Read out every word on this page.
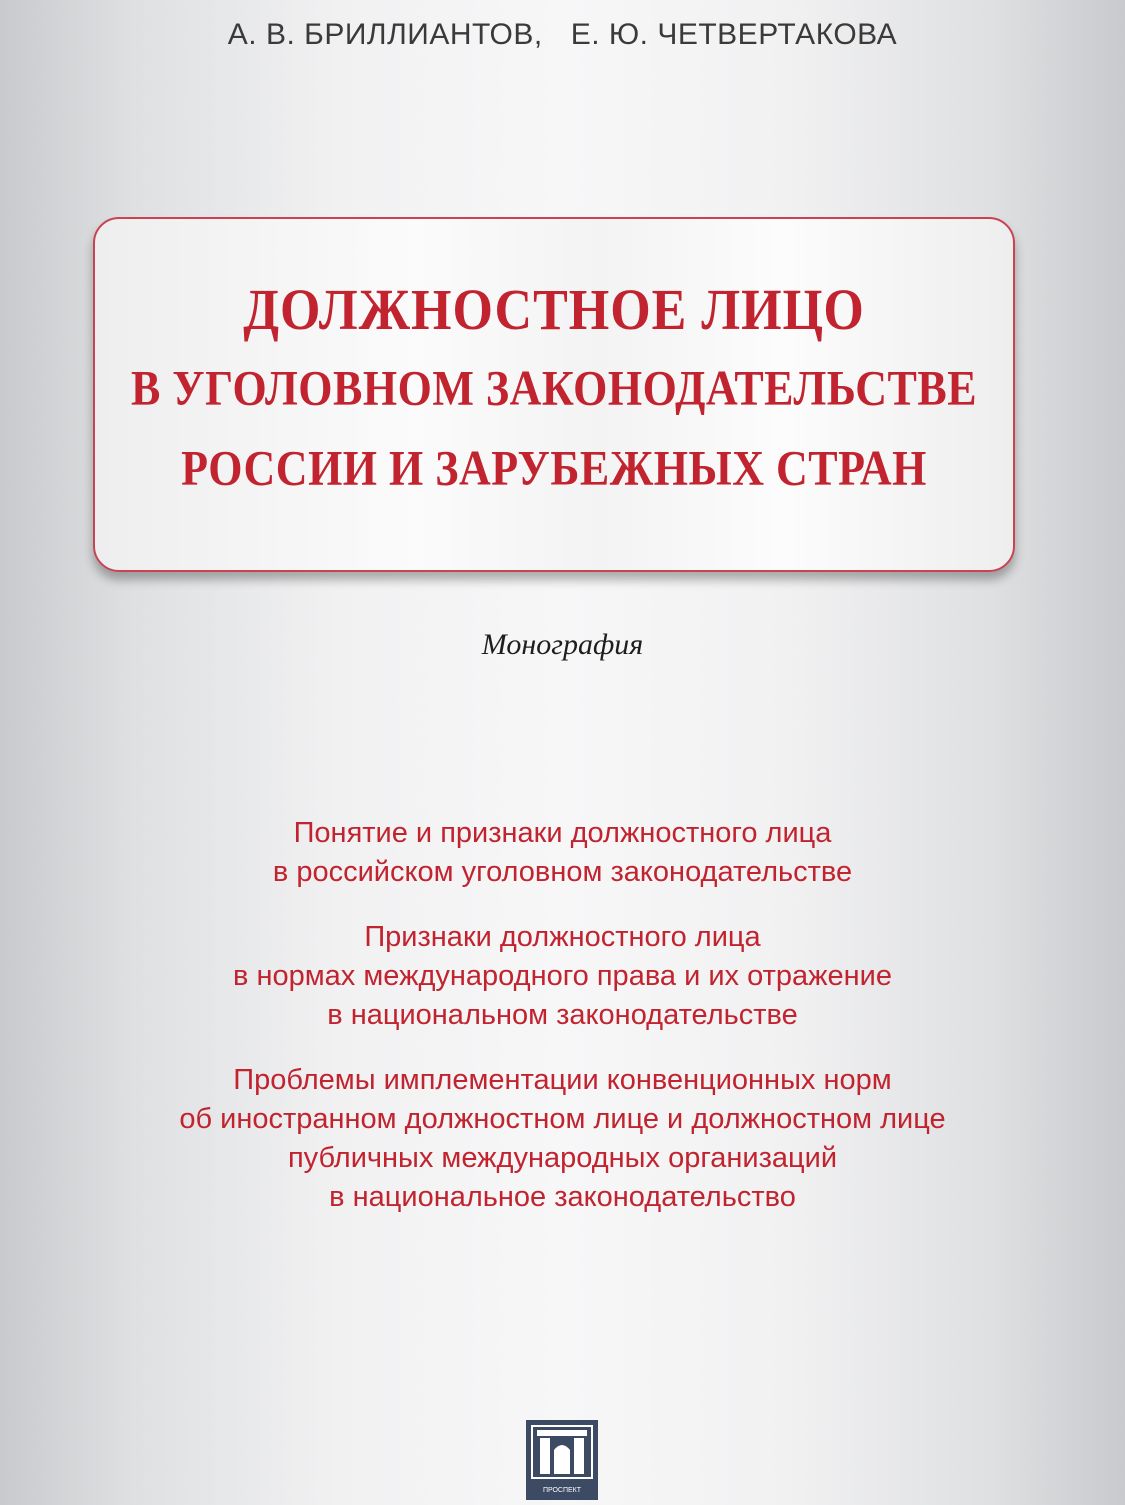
А. В. БРИЛЛИАНТОВ, Е. Ю. ЧЕТВЕРТАКОВА
ДОЛЖНОСТНОЕ ЛИЦО
В УГОЛОВНОМ ЗАКОНОДАТЕЛЬСТВЕ
РОССИИ И ЗАРУБЕЖНЫХ СТРАН
Монография
Понятие и признаки должностного лица
в российском уголовном законодательстве
Признаки должностного лица
в нормах международного права и их отражение
в национальном законодательстве
Проблемы имплементации конвенционных норм
об иностранном должностном лице и должностном лице
публичных международных организаций
в национальное законодательство
ПРОСПЕКТ
